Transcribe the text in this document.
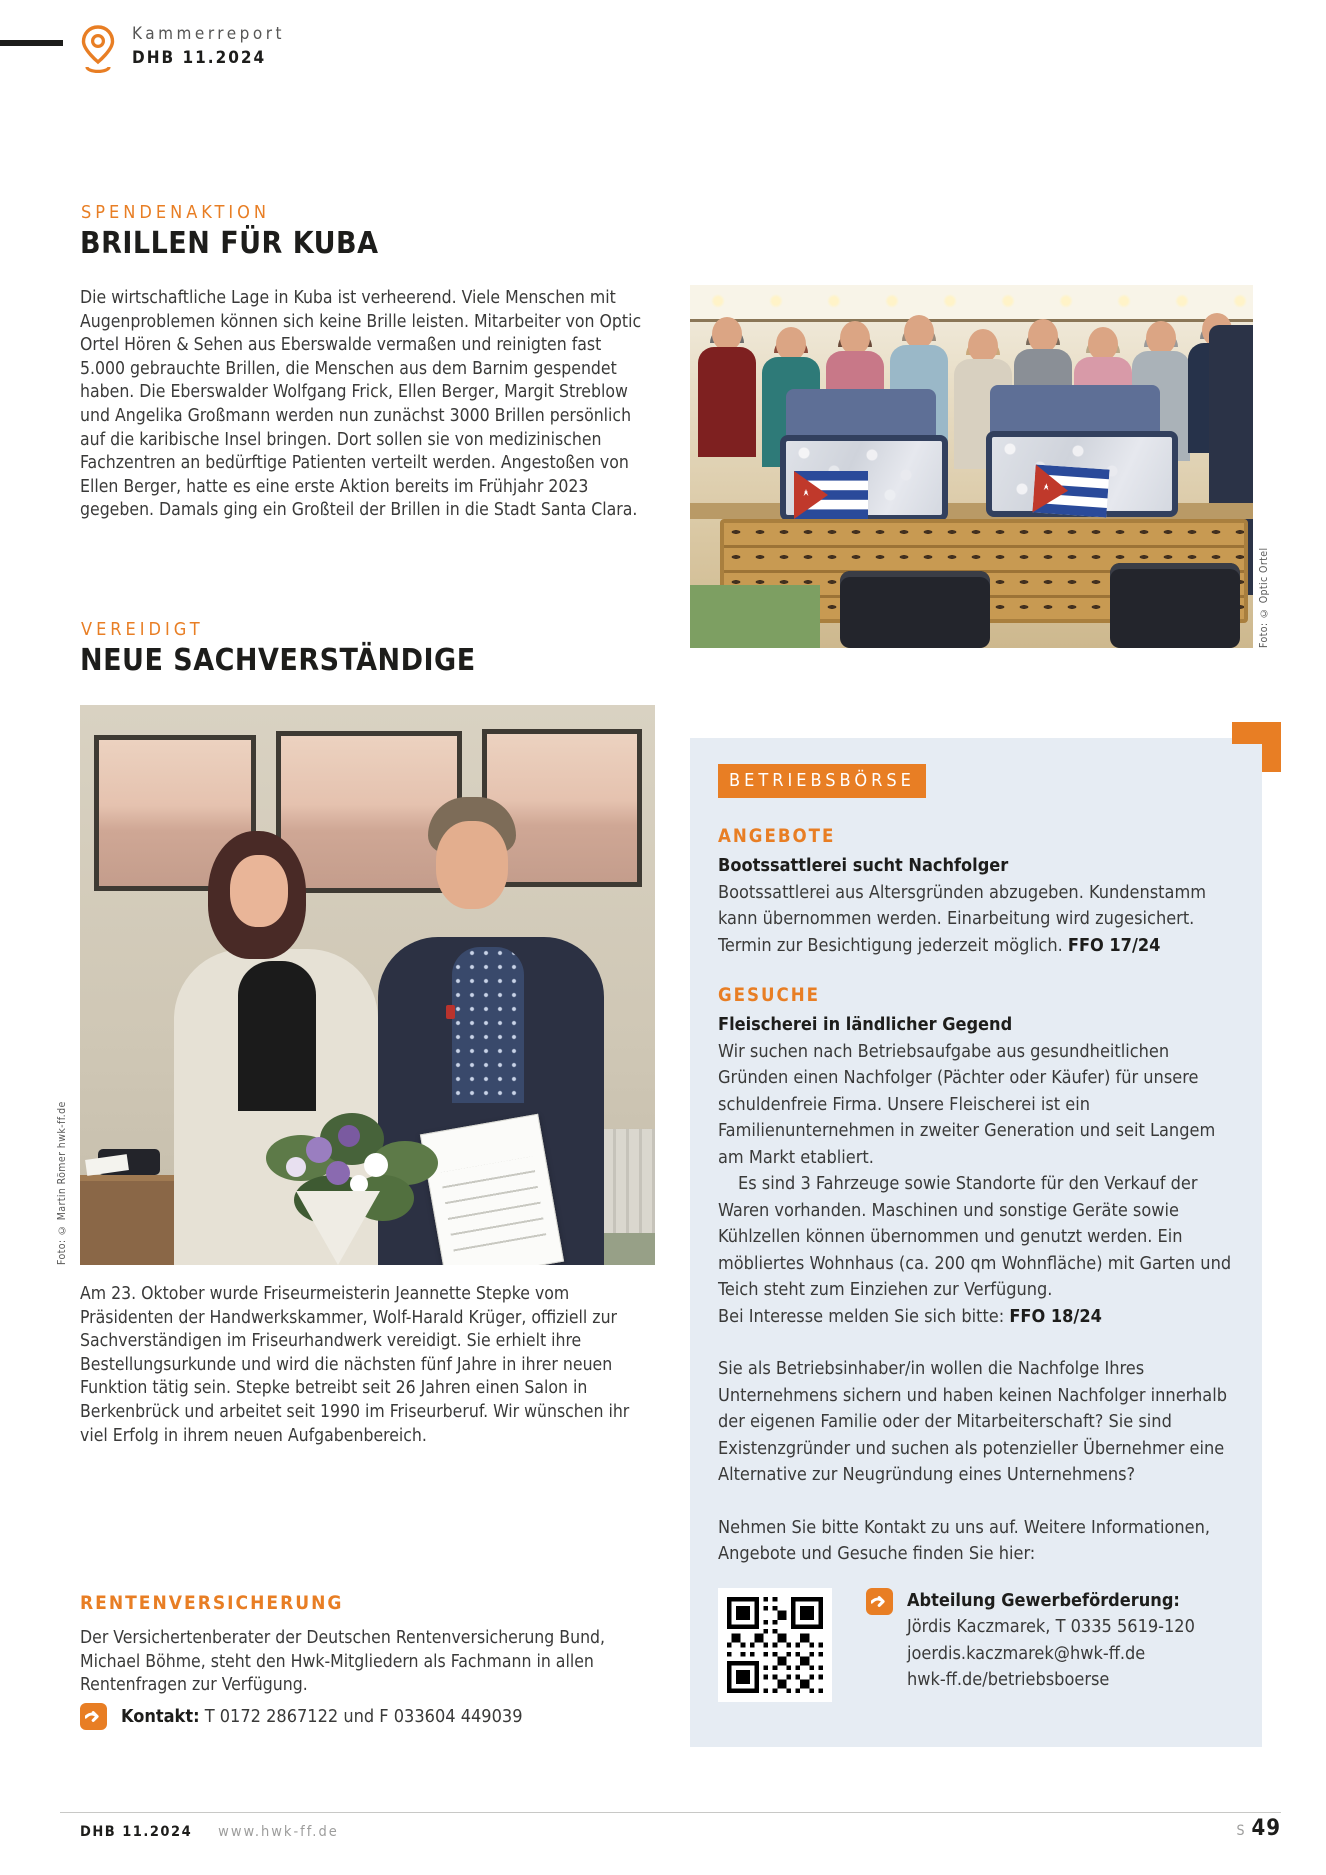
Kammerreport
DHB 11.2024
SPENDENAKTION
BRILLEN FÜR KUBA
Die wirtschaftliche Lage in Kuba ist verheerend. Viele Menschen mit Augenproblemen können sich keine Brille leisten. Mitarbeiter von Optic Ortel Hören & Sehen aus Eberswalde vermaßen und reinigten fast 5.000 gebrauchte Brillen, die Menschen aus dem Barnim gespendet haben. Die Eberswalder Wolfgang Frick, Ellen Berger, Margit Streblow und Angelika Großmann werden nun zunächst 3000 Brillen persönlich auf die karibische Insel bringen. Dort sollen sie von medizinischen Fachzentren an bedürftige Patienten verteilt werden. Angestoßen von Ellen Berger, hatte es eine erste Aktion bereits im Frühjahr 2023 gegeben. Damals ging ein Großteil der Brillen in die Stadt Santa Clara.
Foto: © Optic Ortel
VEREIDIGT
NEUE SACHVERSTÄNDIGE
Foto: © Martin Römer hwk-ff.de
Am 23. Oktober wurde Friseurmeisterin Jeannette Stepke vom Präsidenten der Handwerkskammer, Wolf-Harald Krüger, offiziell zur Sachverständigen im Friseurhandwerk vereidigt. Sie erhielt ihre Bestellungsurkunde und wird die nächsten fünf Jahre in ihrer neuen Funktion tätig sein. Stepke betreibt seit 26 Jahren einen Salon in Berkenbrück und arbeitet seit 1990 im Friseurberuf. Wir wünschen ihr viel Erfolg in ihrem neuen Aufgabenbereich.
RENTENVERSICHERUNG
Der Versichertenberater der Deutschen Rentenversicherung Bund, Michael Böhme, steht den Hwk-Mitgliedern als Fachmann in allen Rentenfragen zur Verfügung.
Kontakt: T 0172 2867122 und F 033604 449039
BETRIEBSBÖRSE

ANGEBOTE

Bootssattlerei sucht Nachfolger

Bootssattlerei aus Altersgründen abzugeben. Kundenstamm kann übernommen werden. Einarbeitung wird zugesichert. Termin zur Besichtigung jederzeit möglich. FFO 17/24

GESUCHE

Fleischerei in ländlicher Gegend

Wir suchen nach Betriebsaufgabe aus gesundheitlichen Gründen einen Nachfolger (Pächter oder Käufer) für unsere schuldenfreie Firma. Unsere Fleischerei ist ein Familienunternehmen in zweiter Generation und seit Langem am Markt etabliert.

Es sind 3 Fahrzeuge sowie Standorte für den Verkauf der Waren vorhanden. Maschinen und sonstige Geräte sowie Kühlzellen können übernommen und genutzt werden. Ein möbliertes Wohnhaus (ca. 200 qm Wohnfläche) mit Garten und Teich steht zum Einziehen zur Verfügung.

Bei Interesse melden Sie sich bitte: FFO 18/24

Sie als Betriebsinhaber/in wollen die Nachfolge Ihres Unternehmens sichern und haben keinen Nachfolger innerhalb der eigenen Familie oder der Mitarbeiterschaft? Sie sind Existenzgründer und suchen als potenzieller Übernehmer eine Alternative zur Neugründung eines Unternehmens?

Nehmen Sie bitte Kontakt zu uns auf. Weitere Informationen, Angebote und Gesuche finden Sie hier:

Abteilung Gewerbeförderung:
Jördis Kaczmarek, T 0335 5619-120
joerdis.kaczmarek@hwk-ff.de
hwk-ff.de/betriebsboerse
DHB 11.2024 www.hwk-ff.de	S 49
